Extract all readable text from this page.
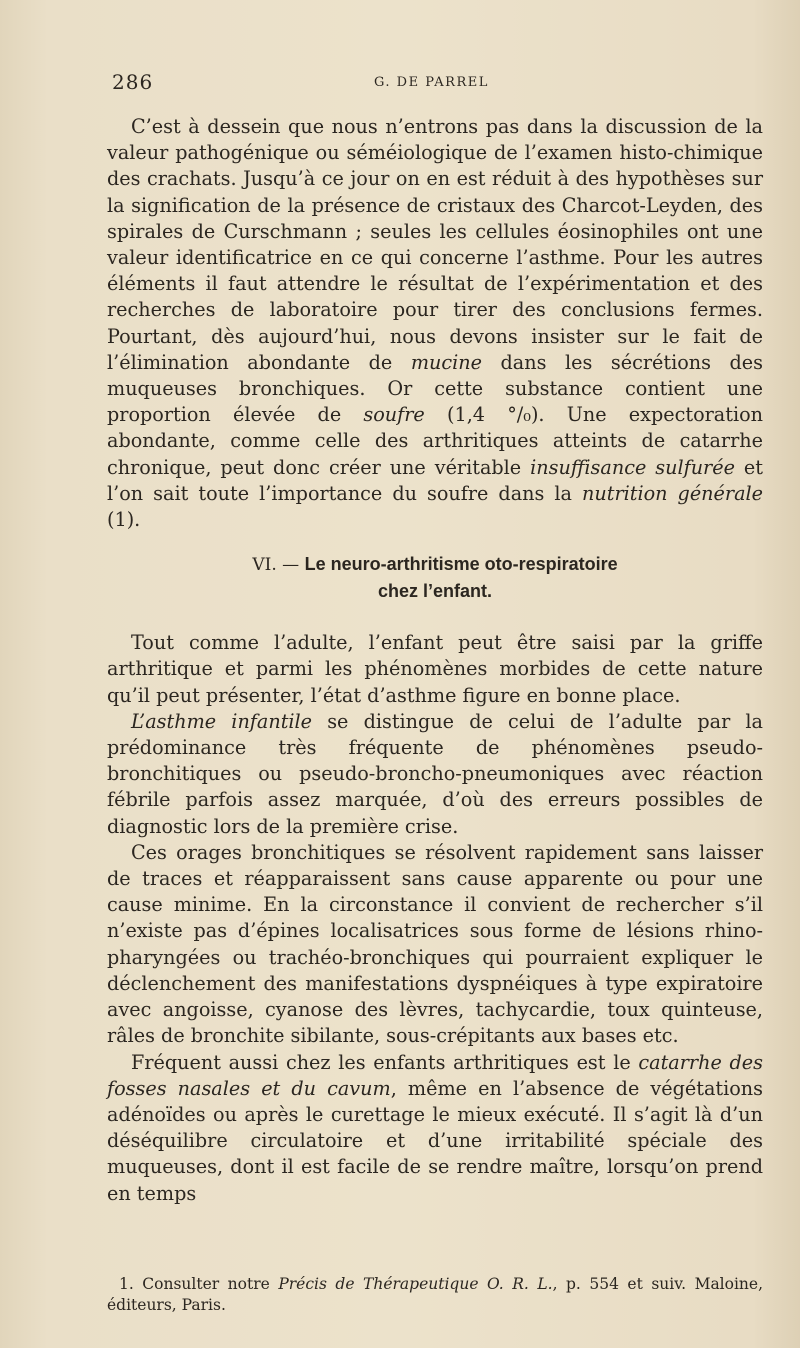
286	G. DE PARREL

C’est à dessein que nous n’entrons pas dans la discussion de la valeur pathogénique ou séméiologique de l’examen histo-chimique des crachats. Jusqu’à ce jour on en est réduit à des hypothèses sur la signification de la présence de cristaux des Charcot-Leyden, des spirales de Curschmann ; seules les cellules éosinophiles ont une valeur identificatrice en ce qui concerne l’asthme. Pour les autres éléments il faut attendre le résultat de l’expérimentation et des recherches de laboratoire pour tirer des conclusions fermes. Pourtant, dès aujourd’hui, nous devons insister sur le fait de l’élimination abondante de mucine dans les sécrétions des muqueuses bronchiques. Or cette substance contient une proportion élevée de soufre (1,4 °/₀). Une expectoration abondante, comme celle des arthritiques atteints de catarrhe chronique, peut donc créer une véritable insuffisance sulfurée et l’on sait toute l’importance du soufre dans la nutrition générale (1).

VI. — Le neuro-arthritisme oto-respiratoire
chez l’enfant.

Tout comme l’adulte, l’enfant peut être saisi par la griffe arthritique et parmi les phénomènes morbides de cette nature qu’il peut présenter, l’état d’asthme figure en bonne place.

L’asthme infantile se distingue de celui de l’adulte par la prédominance très fréquente de phénomènes pseudo-bronchitiques ou pseudo-broncho-pneumoniques avec réaction fébrile parfois assez marquée, d’où des erreurs possibles de diagnostic lors de la première crise.

Ces orages bronchitiques se résolvent rapidement sans laisser de traces et réapparaissent sans cause apparente ou pour une cause minime. En la circonstance il convient de rechercher s’il n’existe pas d’épines localisatrices sous forme de lésions rhino-pharyngées ou trachéo-bronchiques qui pourraient expliquer le déclenchement des manifestations dyspnéiques à type expiratoire avec angoisse, cyanose des lèvres, tachycardie, toux quinteuse, râles de bronchite sibilante, sous-crépitants aux bases etc.

Fréquent aussi chez les enfants arthritiques est le catarrhe des fosses nasales et du cavum, même en l’absence de végétations adénoïdes ou après le curettage le mieux exécuté. Il s’agit là d’un déséquilibre circulatoire et d’une irritabilité spéciale des muqueuses, dont il est facile de se rendre maître, lorsqu’on prend en temps

1. Consulter notre Précis de Thérapeutique O. R. L., p. 554 et suiv. Maloine, éditeurs, Paris.
